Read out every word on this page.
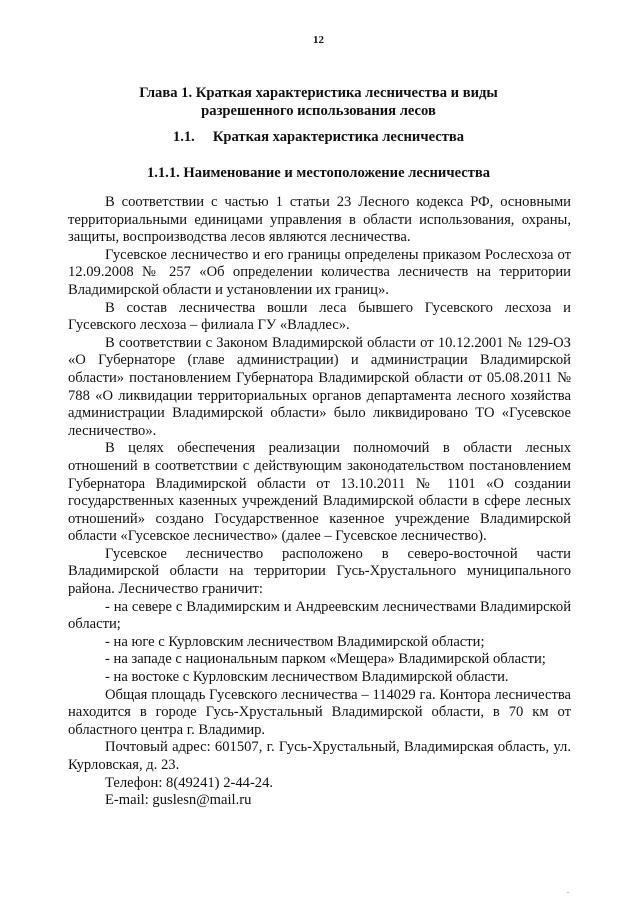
12
Глава 1. Краткая характеристика лесничества и виды
разрешенного использования лесов
1.1. Краткая характеристика лесничества
1.1.1. Наименование и местоположение лесничества

В соответствии с частью 1 статьи 23 Лесного кодекса РФ, основными территориальными единицами управления в области использования, охраны, защиты, воспроизводства лесов являются лесничества.

Гусевское лесничество и его границы определены приказом Рослесхоза от 12.09.2008 № 257 «Об определении количества лесничеств на территории Владимирской области и установлении их границ».

В состав лесничества вошли леса бывшего Гусевского лесхоза и Гусевского лесхоза – филиала ГУ «Владлес».

В соответствии с Законом Владимирской области от 10.12.2001 № 129-ОЗ «О Губернаторе (главе администрации) и администрации Владимирской области» постановлением Губернатора Владимирской области от 05.08.2011 № 788 «О ликвидации территориальных органов департамента лесного хозяйства администрации Владимирской области» было ликвидировано ТО «Гусевское лесничество».

В целях обеспечения реализации полномочий в области лесных отношений в соответствии с действующим законодательством постановлением Губернатора Владимирской области от 13.10.2011 № 1101 «О создании государственных казенных учреждений Владимирской области в сфере лесных отношений» создано Государственное казенное учреждение Владимирской области «Гусевское лесничество» (далее – Гусевское лесничество).

Гусевское лесничество расположено в северо-восточной части Владимирской области на территории Гусь-Хрустального муниципального района. Лесничество граничит:

- на севере с Владимирским и Андреевским лесничествами Владимирской области;

- на юге с Курловским лесничеством Владимирской области;

- на западе с национальным парком «Мещера» Владимирской области;

- на востоке с Курловским лесничеством Владимирской области.

Общая площадь Гусевского лесничества – 114029 га. Контора лесничества находится в городе Гусь-Хрустальный Владимирской области, в 70 км от областного центра г. Владимир.

Почтовый адрес: 601507, г. Гусь-Хрустальный, Владимирская область, ул. Курловская, д. 23.

Телефон: 8(49241) 2-44-24.

E-mail: guslesn@mail.ru

.
